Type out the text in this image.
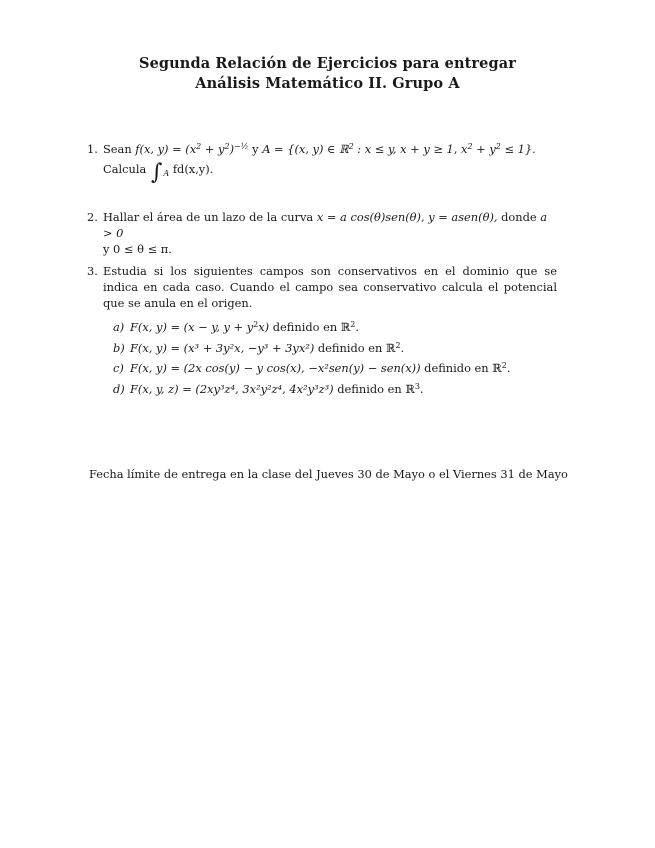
Segunda Relación de Ejercicios para entregar
Análisis Matemático II. Grupo A
1. Sean f(x, $y) = (x^2 + y^2)^{-\frac{1}{2}}$ y A = {(x, y) ∈ ℝ$^2$ : x ≤ y, x + y ≥ 1, $x^2 + y^2 \le 1$}.
Calcula $\int_A$ fd(x,y).
2. Hallar el área de un lazo de la curva x = a cos(θ)sen(θ), y = asen(θ), donde a > 0
y 0 ≤ θ ≤ π.
3. Estudia si los siguientes campos son conservativos en el dominio que se indica en cada caso. Cuando el campo sea conservativo calcula el potencial que se anula en el origen.
a) F(x, y) = (x − y, $y + y^2x$) definido en ℝ$^2$.
b) F(x, y) = (x³ + 3y²x, −y³ + 3yx²) definido en ℝ$^2$.
c) F(x, y) = (2x cos(y) − y cos(x), −x²sen(y) − sen(x)) definido en ℝ$^2$.
d) F(x, y, z) = (2xy³z⁴, 3x²y²z⁴, 4x²y³z³) definido en ℝ$^3$.
Fecha límite de entrega en la clase del Jueves 30 de Mayo o el Viernes 31 de Mayo
